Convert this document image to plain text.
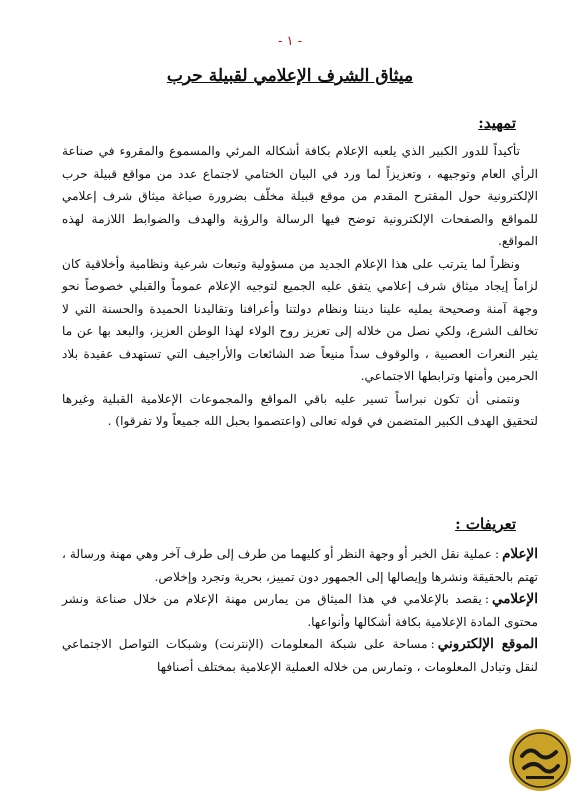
- ١ -
ميثاق الشرف الإعلامي لقبيلة حرب
تمهيد:

تأكيداً للدور الكبير الذي يلعبه الإعلام بكافة أشكاله المرئي والمسموع والمقروء في صناعة الرأي العام وتوجيهه ، وتعزيزاً لما ورد في البيان الختامي لاجتماع عدد من مواقع قبيلة حرب الإلكترونية حول المقترح المقدم من موقع قبيلة مخلّف بضرورة صياغة ميثاق شرف إعلامي للمواقع والصفحات الإلكترونية توضح فيها الرسالة والرؤية والهدف والضوابط اللازمة لهذه المواقع.

ونظراً لما يترتب على هذا الإعلام الجديد من مسؤولية وتبعات شرعية ونظامية وأخلاقية كان لزاماً إيجاد ميثاق شرف إعلامي يتفق عليه الجميع لتوجيه الإعلام عموماً والقبلي خصوصاً نحو وجهة آمنة وصحيحة يمليه علينا ديننا ونظام دولتنا وأعرافنا وتقاليدنا الحميدة والحسنة التي لا تخالف الشرع، ولكي نصل من خلاله إلى تعزيز روح الولاء لهذا الوطن العزيز، والبعد بها عن ما يثير النعرات العصبية ، والوقوف سداً منيعاً ضد الشائعات والأراجيف التي تستهدف عقيدة بلاد الحرمين وأمنها وترابطها الاجتماعي.

ونتمنى أن تكون نبراساً تسير عليه باقي المواقع والمجموعات الإعلامية القبلية وغيرها لتحقيق الهدف الكبير المتضمن في قوله تعالى (واعتصموا بحبل الله جميعاً ولا تفرقوا) .

تعريفات :

الإعلام:عملية نقل الخبر أو وجهة النظر أو كليهما من طرف إلى طرف آخر وهي مهنة ورسالة ، تهتم بالحقيقة ونشرها وإيصالها إلى الجمهور دون تمييز، بحرية وتجرد وإخلاص.

الإعلامي:يقصد بالإعلامي في هذا الميثاق من يمارس مهنة الإعلام من خلال صناعة ونشر محتوى المادة الإعلامية بكافة أشكالها وأنواعها.

الموقع الإلكتروني:مساحة على شبكة المعلومات (الإنترنت) وشبكات التواصل الاجتماعي لنقل وتبادل المعلومات ، وتمارس من خلاله العملية الإعلامية بمختلف أصنافها
